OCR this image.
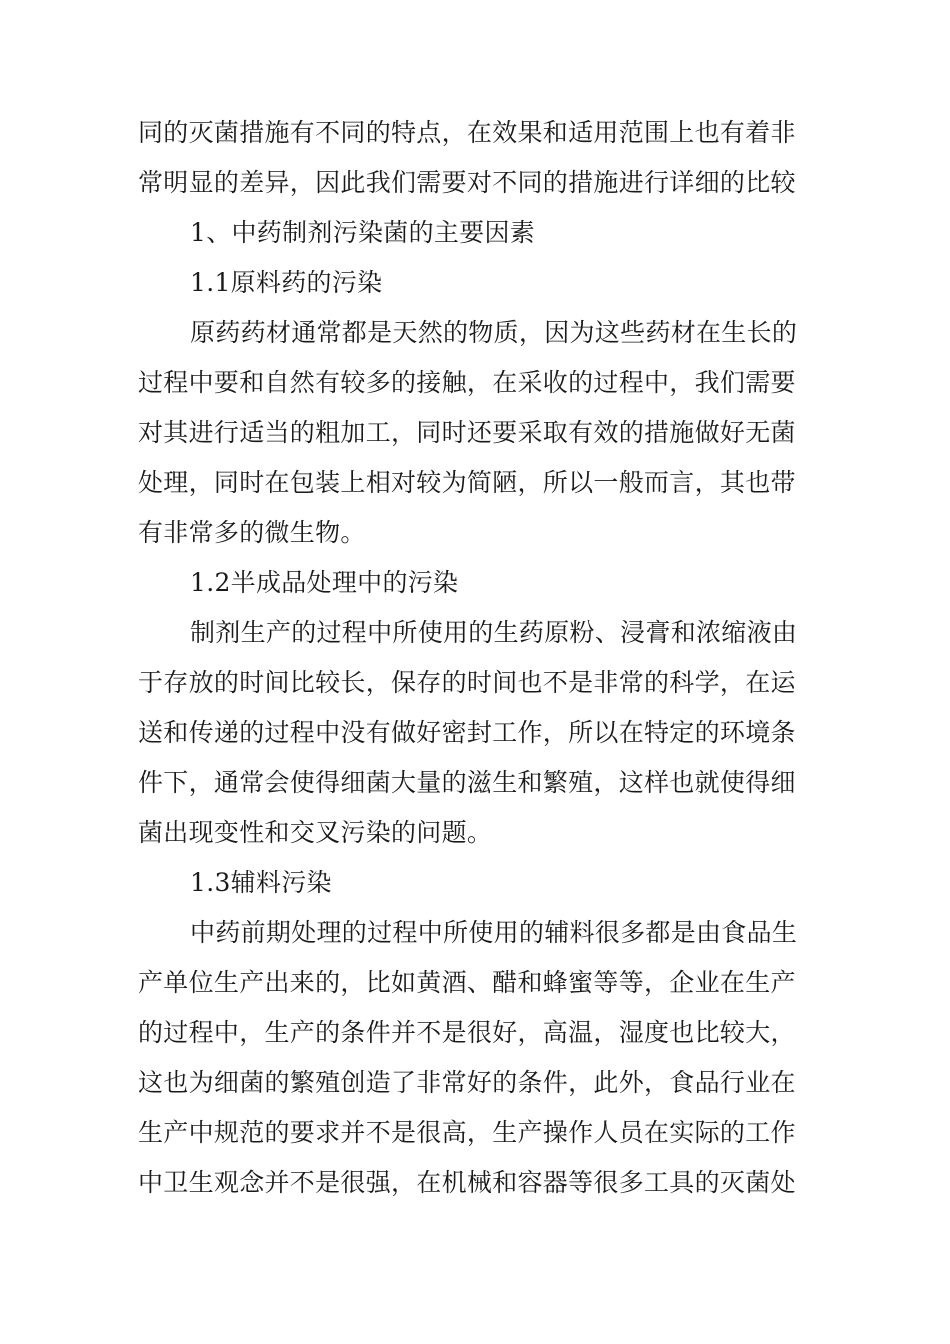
同的灭菌措施有不同的特点，在效果和适用范围上也有着非
常明显的差异，因此我们需要对不同的措施进行详细的比较
1、中药制剂污染菌的主要因素
1.1原料药的污染
原药药材通常都是天然的物质，因为这些药材在生长的
过程中要和自然有较多的接触，在采收的过程中，我们需要
对其进行适当的粗加工，同时还要采取有效的措施做好无菌
处理，同时在包装上相对较为简陋，所以一般而言，其也带
有非常多的微生物。
1.2半成品处理中的污染
制剂生产的过程中所使用的生药原粉、浸膏和浓缩液由
于存放的时间比较长，保存的时间也不是非常的科学，在运
送和传递的过程中没有做好密封工作，所以在特定的环境条
件下，通常会使得细菌大量的滋生和繁殖，这样也就使得细
菌出现变性和交叉污染的问题。
1.3辅料污染
中药前期处理的过程中所使用的辅料很多都是由食品生
产单位生产出来的，比如黄酒、醋和蜂蜜等等，企业在生产
的过程中，生产的条件并不是很好，高温，湿度也比较大，
这也为细菌的繁殖创造了非常好的条件，此外，食品行业在
生产中规范的要求并不是很高，生产操作人员在实际的工作
中卫生观念并不是很强，在机械和容器等很多工具的灭菌处
